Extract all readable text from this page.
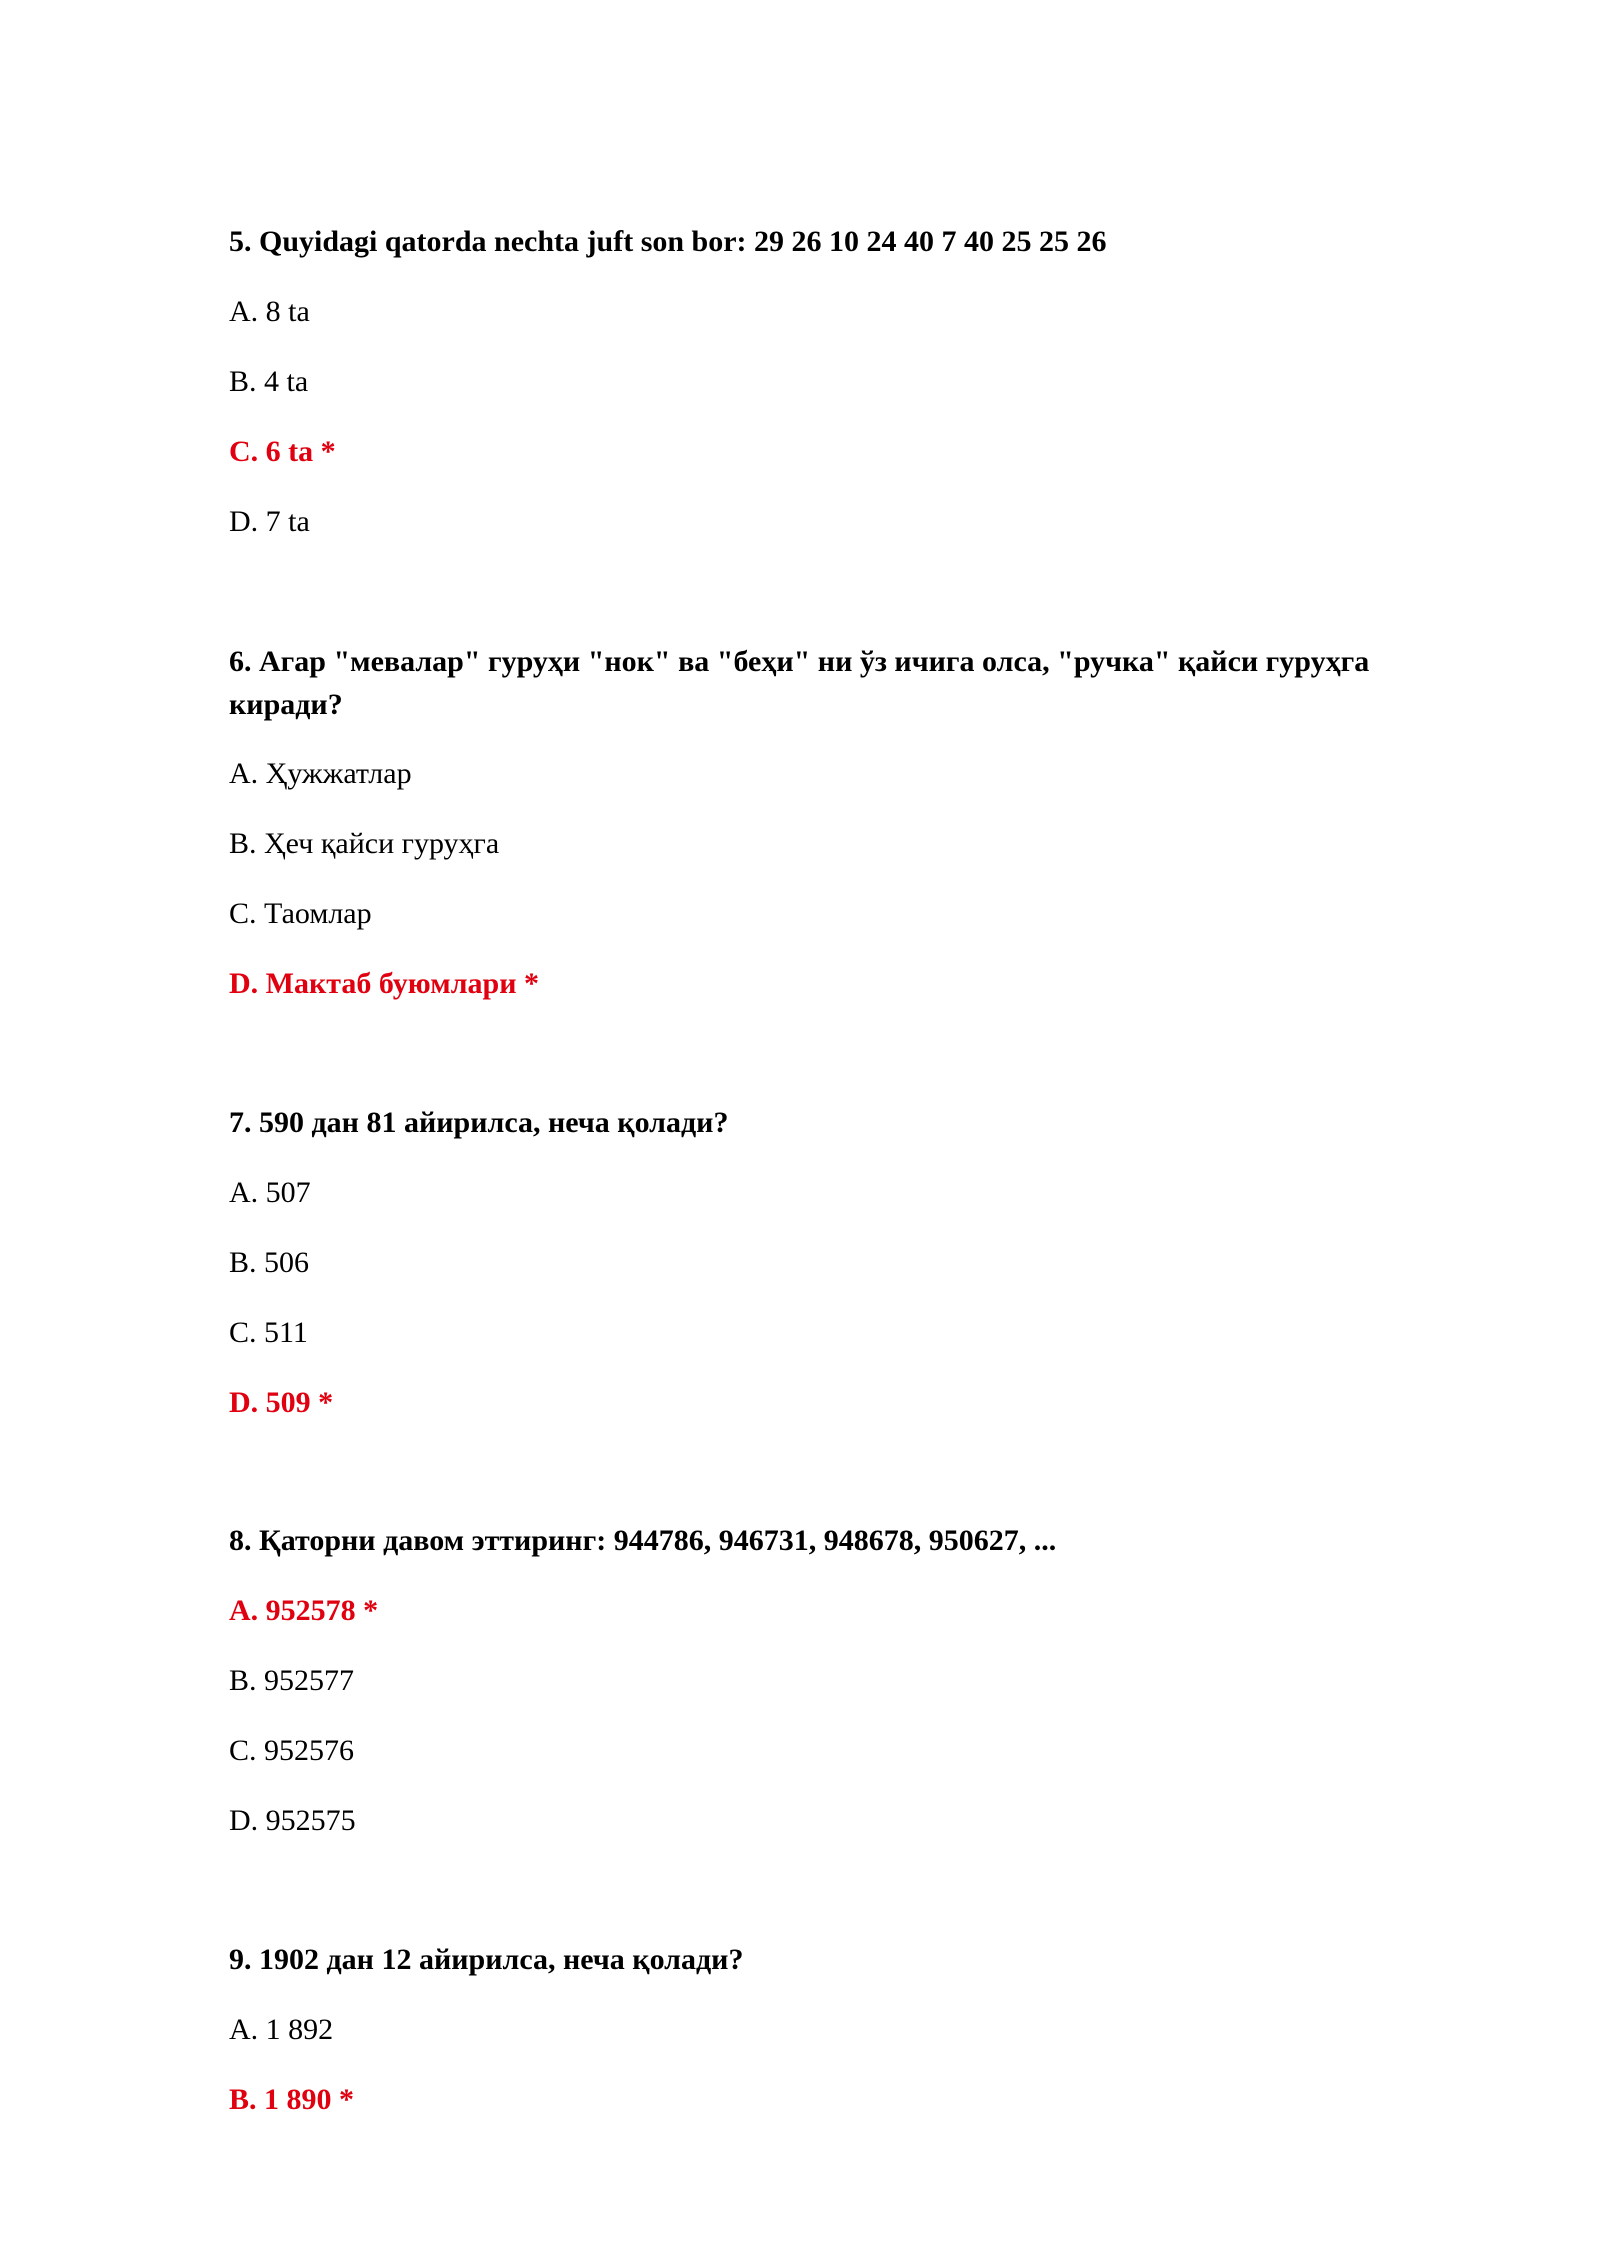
5. Quyidagi qatorda nechta juft son bor: 29 26 10 24 40 7 40 25 25 26

A. 8 ta

B. 4 ta

C. 6 ta *

D. 7 ta

6. Агар "мевалар" гуруҳи "нок" ва "беҳи" ни ўз ичига олса, "ручка" қайси гуруҳга киради?

A. Ҳужжатлар

B. Ҳеч қайси гуруҳга

C. Таомлар

D. Мактаб буюмлари *

7. 590 дан 81 айирилса, неча қолади?

A. 507

B. 506

C. 511

D. 509 *

8. Қаторни давом эттиринг: 944786, 946731, 948678, 950627, ...

A. 952578 *

B. 952577

C. 952576

D. 952575

9. 1902 дан 12 айирилса, неча қолади?

A. 1 892

B. 1 890 *
